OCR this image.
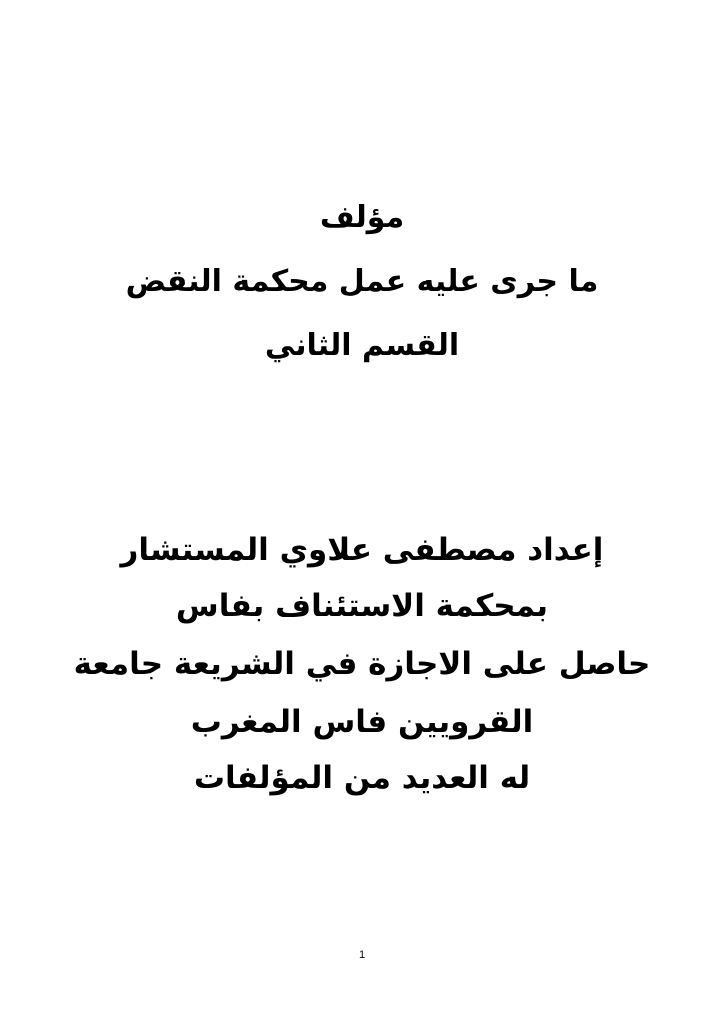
مؤلف
ما جرى عليه عمل محكمة النقض
القسم الثاني
إعداد مصطفى علاوي المستشار
بمحكمة الاستئناف بفاس
حاصل على الاجازة في الشريعة جامعة
القرويين فاس المغرب
له العديد من المؤلفات
1
